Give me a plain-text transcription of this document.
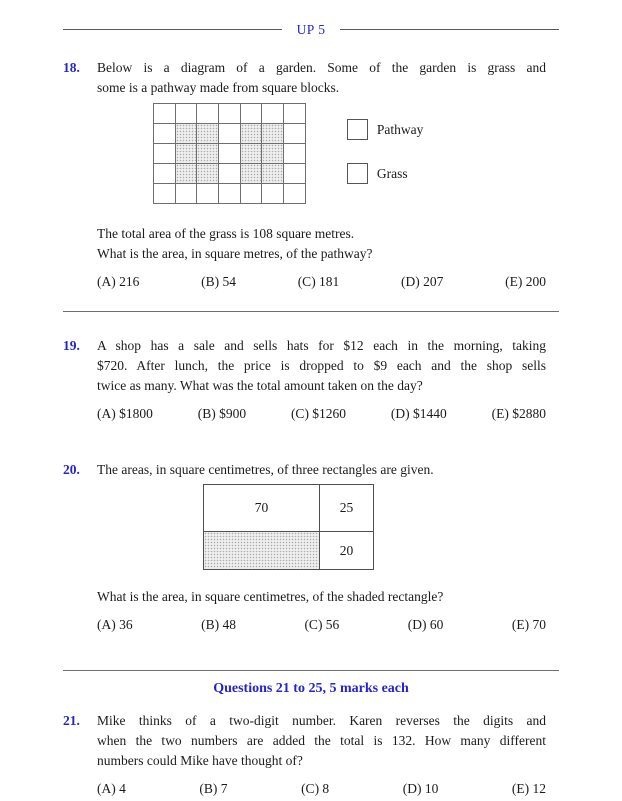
UP 5
18.	Below is a diagram of a garden. Some of the garden is grass and
some is a pathway made from square blocks.
Pathway
Grass
The total area of the grass is 108 square metres.
What is the area, in square metres, of the pathway?
(A) 216	(B) 54	(C) 181	(D) 207	(E) 200
19.	A shop has a sale and sells hats for $12 each in the morning, taking
$720. After lunch, the price is dropped to $9 each and the shop sells
twice as many. What was the total amount taken on the day?
(A) $1800	(B) $900	(C) $1260	(D) $1440	(E) $2880
20.	The areas, in square centimetres, of three rectangles are given.
70	25
20
What is the area, in square centimetres, of the shaded rectangle?
(A) 36	(B) 48	(C) 56	(D) 60	(E) 70
Questions 21 to 25, 5 marks each
21.	Mike thinks of a two-digit number. Karen reverses the digits and
when the two numbers are added the total is 132. How many different
numbers could Mike have thought of?
(A) 4	(B) 7	(C) 8	(D) 10	(E) 12
